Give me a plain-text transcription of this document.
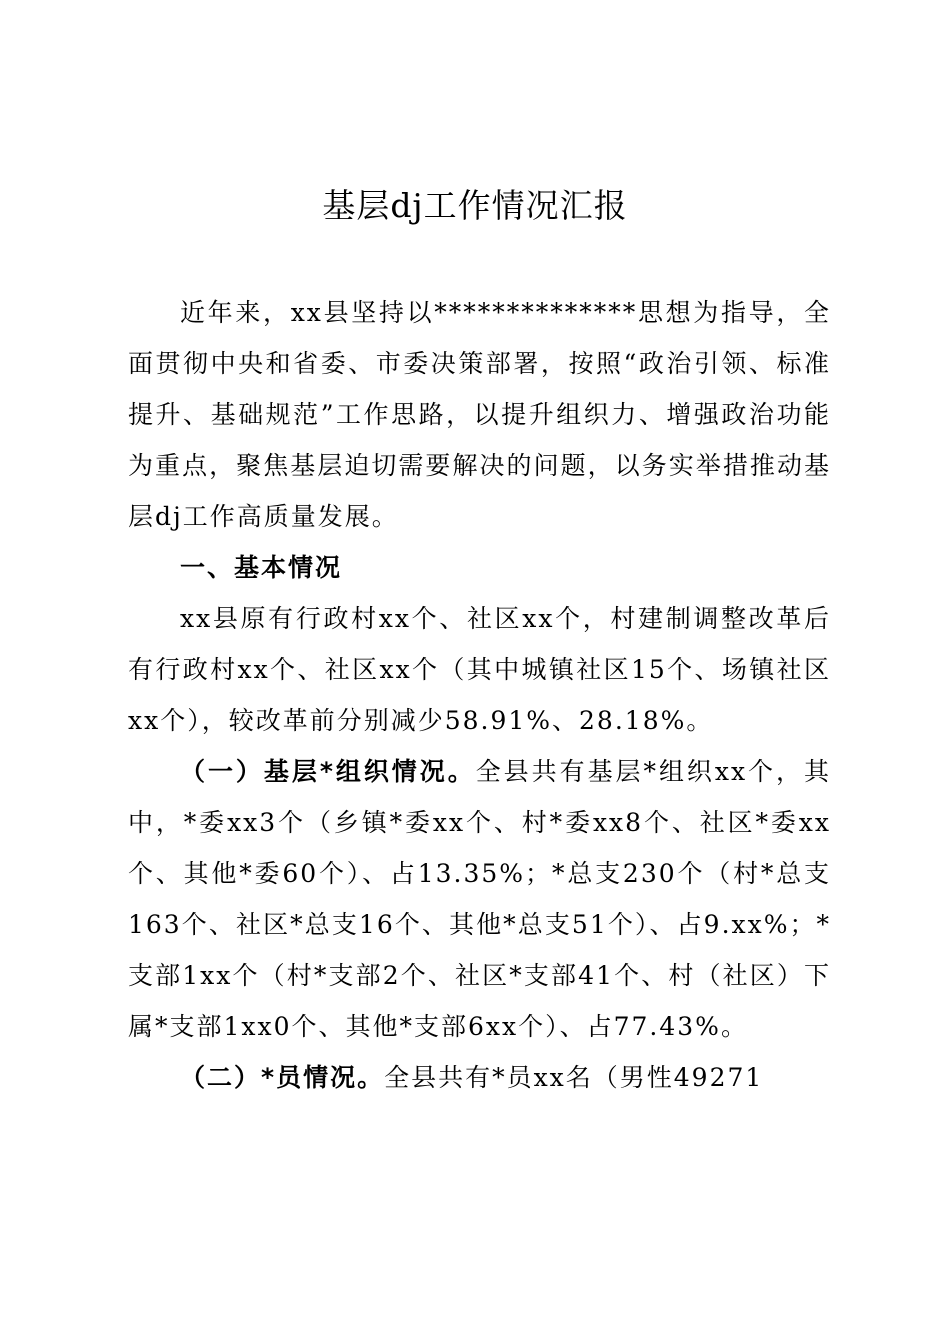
基层dj工作情况汇报

近年来，xx县坚持以**************思想为指导，全面贯彻中央和省委、市委决策部署，按照“政治引领、标准提升、基础规范”工作思路，以提升组织力、增强政治功能为重点，聚焦基层迫切需要解决的问题，以务实举措推动基层dj工作高质量发展。

一、基本情况

xx县原有行政村xx个、社区xx个，村建制调整改革后有行政村xx个、社区xx个（其中城镇社区15个、场镇社区xx个），较改革前分别减少58.91%、28.18%。

（一）基层*组织情况。全县共有基层*组织xx个，其中，*委xx3个（乡镇*委xx个、村*委xx8个、社区*委xx个、其他*委60个）、占13.35%；*总支230个（村*总支163个、社区*总支16个、其他*总支51个）、占9.xx%；*支部1xx个（村*支部2个、社区*支部41个、村（社区）下属*支部1xx0个、其他*支部6xx个）、占77.43%。

（二）*员情况。全县共有*员xx名（男性49271
